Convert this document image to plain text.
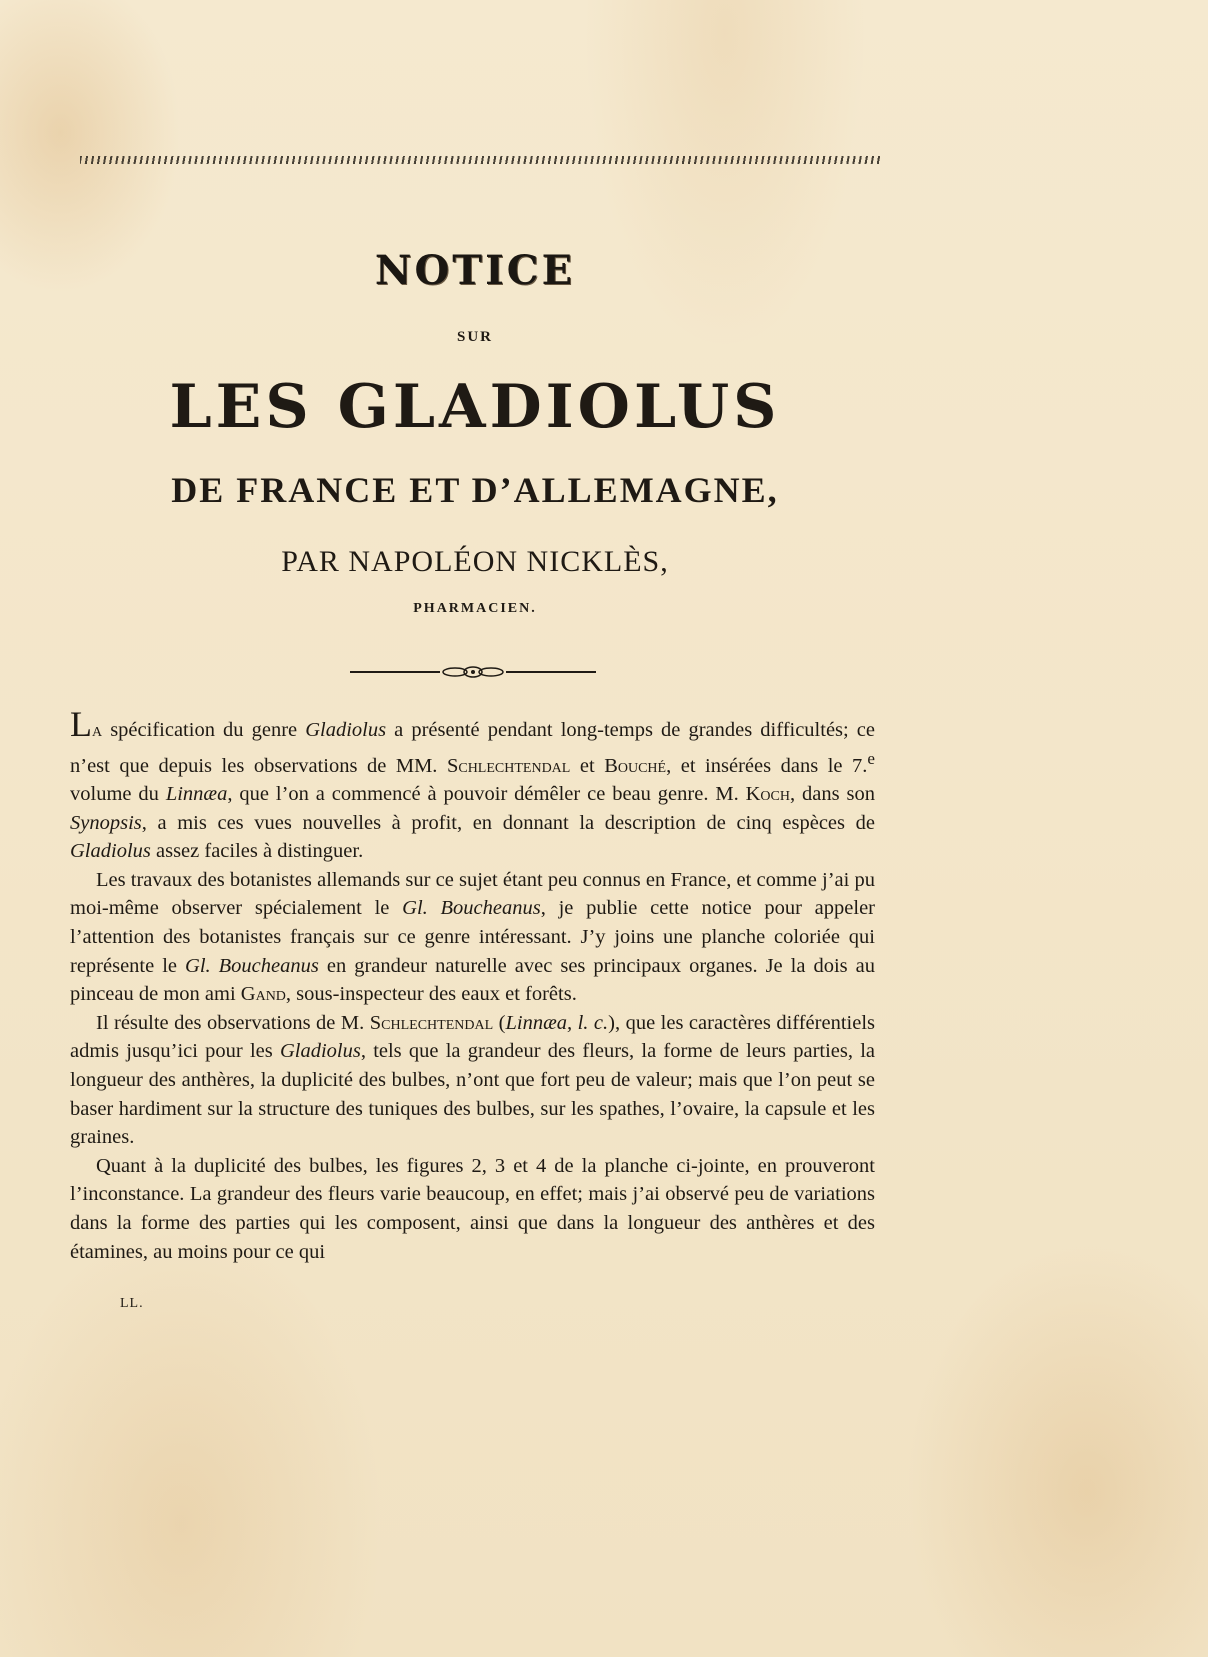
NOTICE
SUR
LES GLADIOLUS
DE FRANCE ET D’ALLEMAGNE,
PAR NAPOLÉON NICKLÈS,
PHARMACIEN.

La spécification du genre Gladiolus a présenté pendant long-temps de grandes difficultés; ce n’est que depuis les observations de MM. Schlechtendal et Bouché, et insérées dans le 7.$^e$ volume du Linnæa, que l’on a commencé à pouvoir démêler ce beau genre. M. Koch, dans son Synopsis, a mis ces vues nouvelles à profit, en donnant la description de cinq espèces de Gladiolus assez faciles à distinguer.

Les travaux des botanistes allemands sur ce sujet étant peu connus en France, et comme j’ai pu moi-même observer spécialement le Gl. Boucheanus, je publie cette notice pour appeler l’attention des botanistes français sur ce genre intéressant. J’y joins une planche coloriée qui représente le Gl. Boucheanus en grandeur naturelle avec ses principaux organes. Je la dois au pinceau de mon ami Gand, sous-inspecteur des eaux et forêts.

Il résulte des observations de M. Schlechtendal (Linnæa, l. c.), que les caractères différentiels admis jusqu’ici pour les Gladiolus, tels que la grandeur des fleurs, la forme de leurs parties, la longueur des anthères, la duplicité des bulbes, n’ont que fort peu de valeur; mais que l’on peut se baser hardiment sur la structure des tuniques des bulbes, sur les spathes, l’ovaire, la capsule et les graines.

Quant à la duplicité des bulbes, les figures 2, 3 et 4 de la planche ci-jointe, en prouveront l’inconstance. La grandeur des fleurs varie beaucoup, en effet; mais j’ai observé peu de variations dans la forme des parties qui les composent, ainsi que dans la longueur des anthères et des étamines, au moins pour ce qui

LL.
